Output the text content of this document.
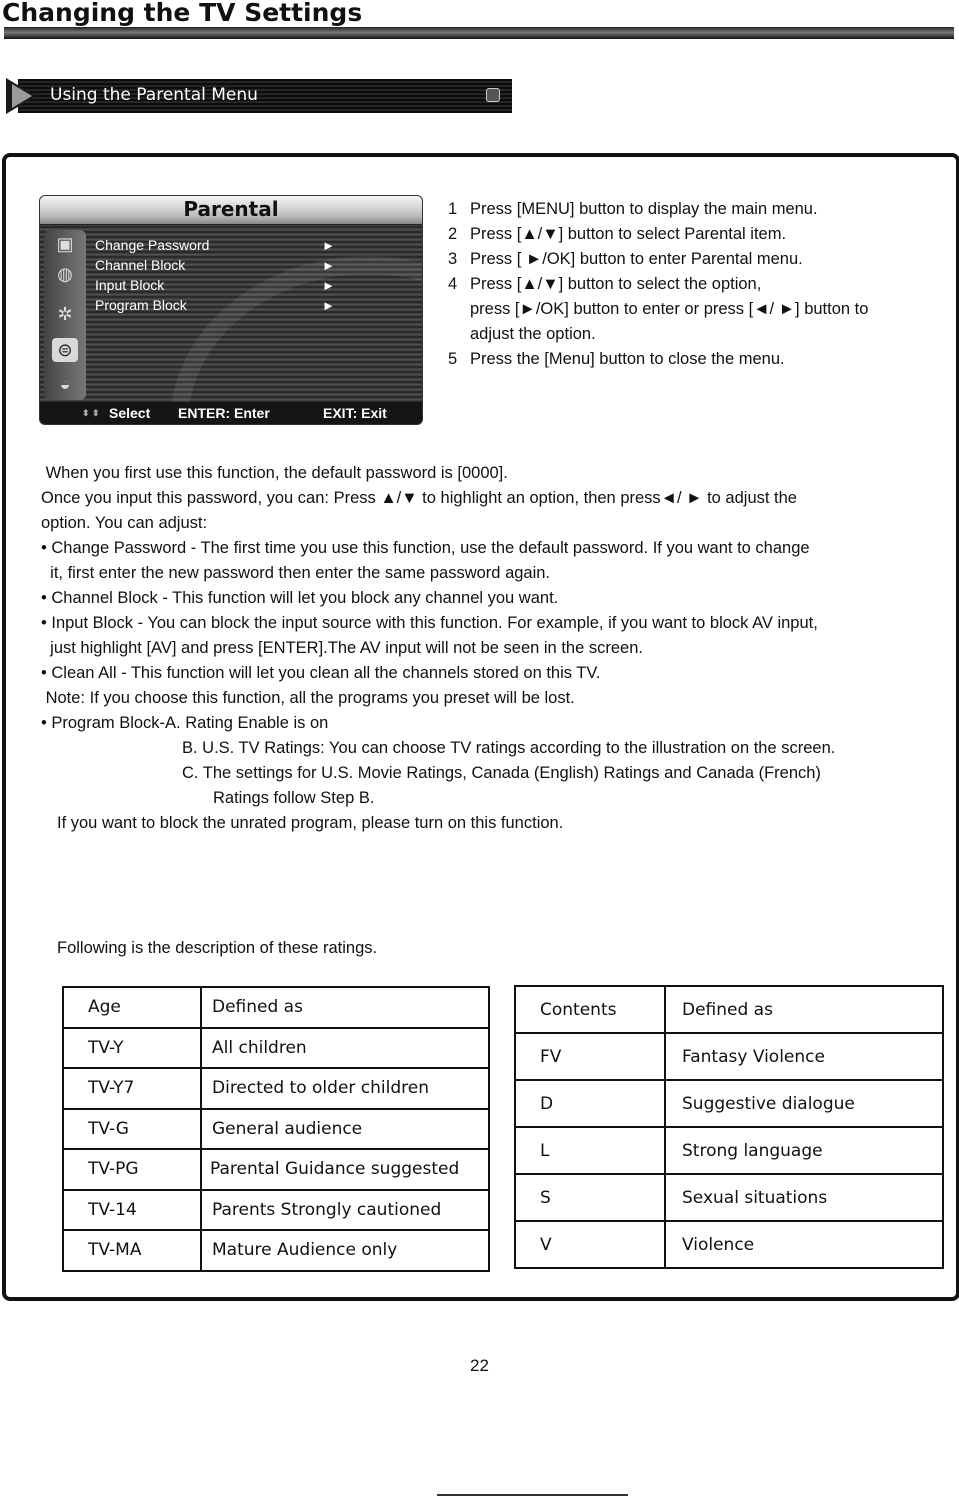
Changing the TV Settings
Using the Parental Menu
Parental
▣
◍
✲
⊜
◒
Change Password
Channel Block
Input Block
Program Block
►
►
►
►
⬍ ⬍ Select ENTER: Enter	EXIT: Exit
1 Press [MENU] button to display the main menu.
2 Press [▲/▼] button to select Parental item.
3 Press [ ►/OK] button to enter Parental menu.
4 Press [▲/▼] button to select the option,
press [►/OK] button to enter or press [◄/ ►] button to
adjust the option.
5 Press the [Menu] button to close the menu.
When you first use this function, the default password is [0000].
Once you input this password, you can: Press ▲/▼ to highlight an option, then press◄/ ► to adjust the
option. You can adjust:
• Change Password - The first time you use this function, use the default password. If you want to change
it, first enter the new password then enter the same password again.
• Channel Block - This function will let you block any channel you want.
• Input Block - You can block the input source with this function. For example, if you want to block AV input,
just highlight [AV] and press [ENTER].The AV input will not be seen in the screen.
• Clean All - This function will let you clean all the channels stored on this TV.
Note: If you choose this function, all the programs you preset will be lost.
• Program Block-A. Rating Enable is on
B. U.S. TV Ratings: You can choose TV ratings according to the illustration on the screen.
C. The settings for U.S. Movie Ratings, Canada (English) Ratings and Canada (French)
Ratings follow Step B.
If you want to block the unrated program, please turn on this function.
Following is the description of these ratings.
Age	Defined as
TV-Y	All children
TV-Y7	Directed to older children
TV-G	General audience
TV-PG	Parental Guidance suggested
TV-14	Parents Strongly cautioned
TV-MA	Mature Audience only
Contents	Defined as
FV	Fantasy Violence
D	Suggestive dialogue
L	Strong language
S	Sexual situations
V	Violence
22
